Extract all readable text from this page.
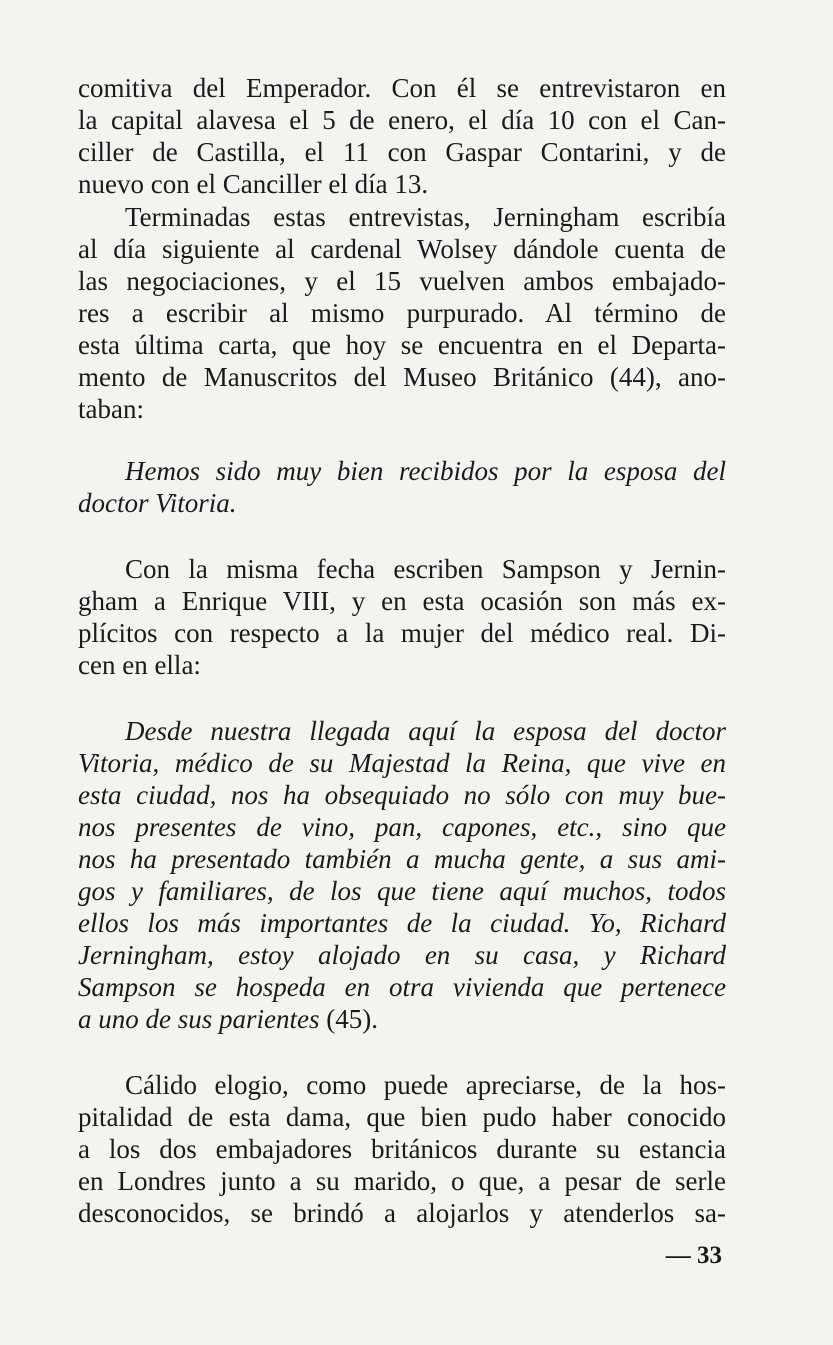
comitiva del Emperador. Con él se entrevistaron en
la capital alavesa el 5 de enero, el día 10 con el Can-
ciller de Castilla, el 11 con Gaspar Contarini, y de
nuevo con el Canciller el día 13.
Terminadas estas entrevistas, Jerningham escribía
al día siguiente al cardenal Wolsey dándole cuenta de
las negociaciones, y el 15 vuelven ambos embajado-
res a escribir al mismo purpurado. Al término de
esta última carta, que hoy se encuentra en el Departa-
mento de Manuscritos del Museo Británico (44), ano-
taban:
Hemos sido muy bien recibidos por la esposa del
doctor Vitoria.
Con la misma fecha escriben Sampson y Jernin-
gham a Enrique VIII, y en esta ocasión son más ex-
plícitos con respecto a la mujer del médico real. Di-
cen en ella:
Desde nuestra llegada aquí la esposa del doctor
Vitoria, médico de su Majestad la Reina, que vive en
esta ciudad, nos ha obsequiado no sólo con muy bue-
nos presentes de vino, pan, capones, etc., sino que
nos ha presentado también a mucha gente, a sus ami-
gos y familiares, de los que tiene aquí muchos, todos
ellos los más importantes de la ciudad. Yo, Richard
Jerningham, estoy alojado en su casa, y Richard
Sampson se hospeda en otra vivienda que pertenece
a uno de sus parientes (45).
Cálido elogio, como puede apreciarse, de la hos-
pitalidad de esta dama, que bien pudo haber conocido
a los dos embajadores británicos durante su estancia
en Londres junto a su marido, o que, a pesar de serle
desconocidos, se brindó a alojarlos y atenderlos sa-
— 33
